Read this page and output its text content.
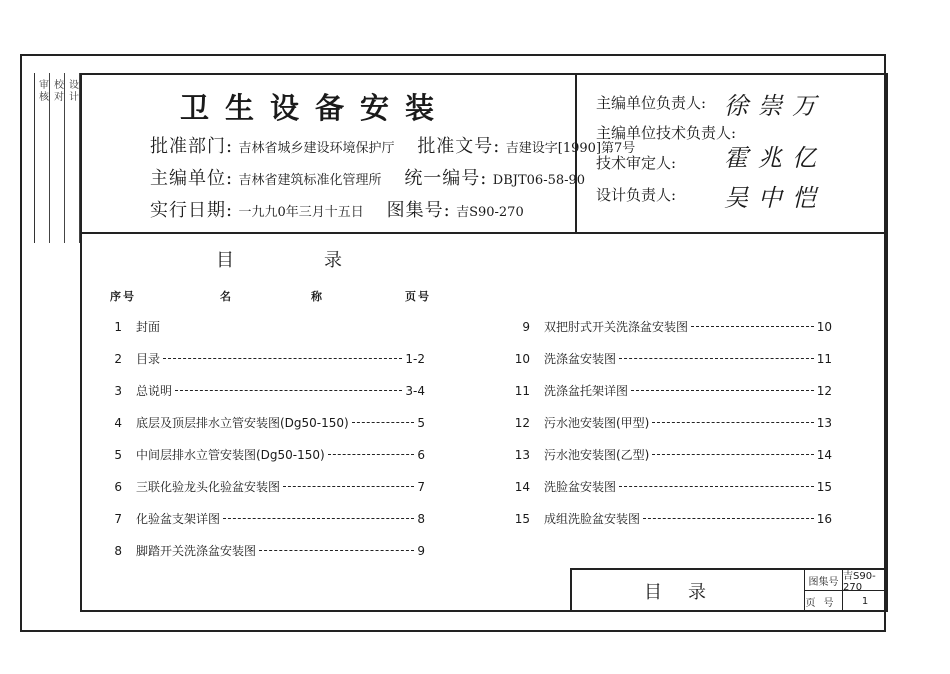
审核 校对 设计	卫生设备安装
批准部门: 吉林省城乡建设环境保护厅 批准文号: 吉建设字[1990]第7号
主编单位: 吉林省建筑标准化管理所 统一编号: DBJT06-58-90
实行日期: 一九九0年三月十五日 图集号: 吉S90-270
主编单位负责人: 徐崇万
主编单位技术负责人:
技术审定人: 霍兆亿
设计负责人: 吴中恺
目录
序号	名称 页号
1 封面
2 目录	1-2
3 总说明	3-4
4 底层及顶层排水立管安装图(Dg50-150)	5
5 中间层排水立管安装图(Dg50-150)	6
6 三联化验龙头化验盆安装图	7
7 化验盆支架详图	8
8 脚踏开关洗涤盆安装图	9
9 双把肘式开关洗涤盆安装图	10
10 洗涤盆安装图	11
11 洗涤盆托架详图	12
12 污水池安装图(甲型)	13
13 污水池安装图(乙型)	14
14 洗脸盆安装图	15
15 成组洗脸盆安装图	16
目录	图集号 吉S90-270
页号	1
